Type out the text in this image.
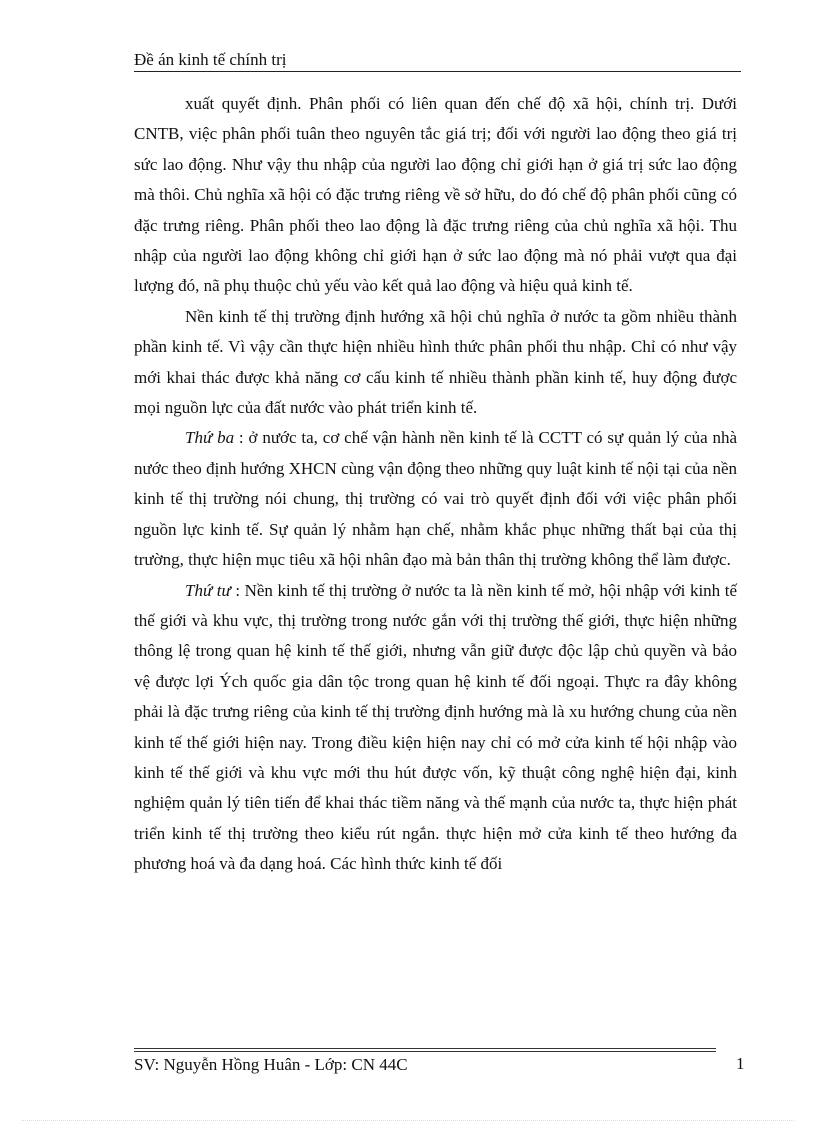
Đề án kinh tế chính trị

xuất quyết định. Phân phối có liên quan đến chế độ xã hội, chính trị. Dưới CNTB, việc phân phối tuân theo nguyên tắc giá trị; đối với người lao động theo giá trị sức lao động. Như vậy thu nhập của người lao động chỉ giới hạn ở giá trị sức lao động mà thôi. Chủ nghĩa xã hội có đặc trưng riêng về sở hữu, do đó chế độ phân phối cũng có đặc trưng riêng. Phân phối theo lao động là đặc trưng riêng của chủ nghĩa xã hội. Thu nhập của người lao động không chỉ giới hạn ở sức lao động mà nó phải vượt qua đại lượng đó, nã phụ thuộc chủ yếu vào kết quả lao động và hiệu quả kinh tế.

Nền kinh tế thị trường định hướng xã hội chủ nghĩa ở nước ta gồm nhiều thành phần kinh tế. Vì vậy cần thực hiện nhiều hình thức phân phối thu nhập. Chỉ có như vậy mới khai thác được khả năng cơ cấu kinh tế nhiều thành phần kinh tế, huy động được mọi nguồn lực của đất nước vào phát triển kinh tế.

Thứ ba : ở nước ta, cơ chế vận hành nền kinh tế là CCTT có sự quản lý của nhà nước theo định hướng XHCN cùng vận động theo những quy luật kinh tế nội tại của nền kinh tế thị trường nói chung, thị trường có vai trò quyết định đối với việc phân phối nguồn lực kinh tế. Sự quản lý nhằm hạn chế, nhằm khắc phục những thất bại của thị trường, thực hiện mục tiêu xã hội nhân đạo mà bản thân thị trường không thể làm được.

Thứ tư : Nền kinh tế thị trường ở nước ta là nền kinh tế mở, hội nhập với kinh tế thế giới và khu vực, thị trường trong nước gắn với thị trường thế giới, thực hiện những thông lệ trong quan hệ kinh tế thế giới, nhưng vẫn giữ được độc lập chủ quyền và bảo vệ được lợi Ých quốc gia dân tộc trong quan hệ kinh tế đối ngoại. Thực ra đây không phải là đặc trưng riêng của kinh tế thị trường định hướng mà là xu hướng chung của nền kinh tế thế giới hiện nay. Trong điều kiện hiện nay chỉ có mở cửa kinh tế hội nhập vào kinh tế thế giới và khu vực mới thu hút được vốn, kỹ thuật công nghệ hiện đại, kinh nghiệm quản lý tiên tiến để khai thác tiềm năng và thế mạnh của nước ta, thực hiện phát triển kinh tế thị trường theo kiểu rút ngắn. thực hiện mở cửa kinh tế theo hướng đa phương hoá và đa dạng hoá. Các hình thức kinh tế đối

SV: Nguyễn Hồng Huân - Lớp: CN 44C	1
